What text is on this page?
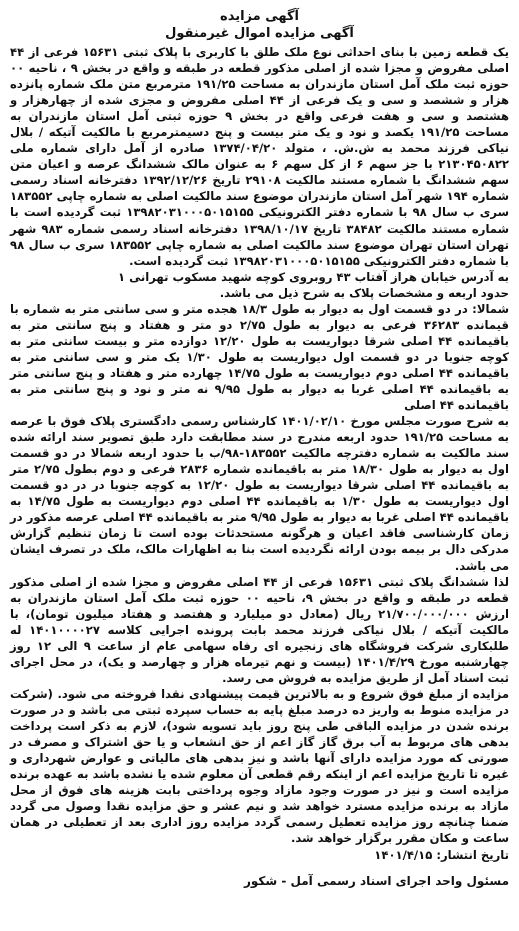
آگهی مزایده

آگهی مزایده اموال غیرمنقول

یک قطعه زمین با بنای احداثی نوع ملک طلق با کاربری با پلاک ثبتی ۱۵۶۳۱ فرعی از ۴۴ اصلی مفروض و مجزا شده از اصلی مذکور قطعه در طبقه و واقع در بخش ۹ ، ناحیه ۰۰ حوزه ثبت ملک آمل استان مازندران به مساحت ۱۹۱/۲۵ مترمربع متن ملک شماره پانزده هزار و ششصد و سی و یک فرعی از ۴۴ اصلی مفروض و مجزی شده از چهارهزار و هشتصد و سی و هفت فرعی واقع در بخش ۹ حوزه ثبتی آمل استان مازندران به مساحت ۱۹۱/۲۵ یکصد و نود و یک متر بیست و پنج دسیمترمربع با مالکیت آتیکه / بلال نیاکی فرزند محمد به ش.ش. ، متولد ۱۳۷۴/۰۴/۲۰ صادره از آمل دارای شماره ملی ۲۱۳۰۴۵۰۸۲۲ با جز سهم ۶ از کل سهم ۶ به عنوان مالک ششدانگ عرصه و اعیان متن سهم ششدانگ با شماره مستند مالکیت ۲۹۱۰۸ تاریخ ۱۳۹۲/۱۲/۲۶ دفترخانه اسناد رسمی شماره ۱۹۴ شهر آمل استان مازندران موضوع سند مالکیت اصلی به شماره چاپی ۱۸۳۵۵۲ سری ب سال ۹۸ با شماره دفتر الکترونیکی ۱۳۹۸۲۰۳۱۰۰۰۵۰۱۵۱۵۵ ثبت گردیده است با شماره مستند مالکیت ۳۸۴۸۲ تاریخ ۱۳۹۸/۱۰/۱۷ دفترخانه اسناد رسمی شماره ۹۸۳ شهر تهران استان تهران موضوع سند مالکیت اصلی به شماره چاپی ۱۸۳۵۵۲ سری ب سال ۹۸ با شماره دفتر الکترونیکی ۱۳۹۸۲۰۳۱۰۰۰۵۰۱۵۱۵۵ ثبت گردیده است.

به آدرس خیابان هراز آفتاب ۴۳ روبروی کوچه شهید مسکوب تهرانی ۱

حدود اربعه و مشخصات پلاک به شرح ذیل می باشد.

شمالا: در دو قسمت اول به دیوار به طول ۱۸/۳ هجده متر و سی سانتی متر به شماره با قیمانده ۳۶۲۸۳ فرعی به دیوار به طول ۲/۷۵ دو متر و هفتاد و پنج سانتی متر به باقیمانده ۴۴ اصلی شرقا دیواریست به طول ۱۲/۲۰ دوازده متر و بیست سانتی متر به کوچه جنوبا در دو قسمت اول دیواریست به طول ۱/۳۰ یک متر و سی سانتی متر به باقیمانده ۴۴ اصلی دوم دیواریست به طول ۱۴/۷۵ چهارده متر و هفتاد و پنج سانتی متر به باقیمانده ۴۴ اصلی غربا به دیوار به طول ۹/۹۵ نه متر و نود و پنج سانتی متر به باقیمانده ۴۴ اصلی

به شرح صورت مجلس مورخ ۱۴۰۱/۰۲/۱۰ کارشناس رسمی دادگستری پلاک فوق با عرصه به مساحت ۱۹۱/۲۵ حدود اربعه مندرج در سند مطابقت دارد طبق تصویر سند ارائه شده سند مالکیت به شماره دفترچه مالکیت ۱۸۳۵۵۲-۹۸/ب با حدود اربعه شمالا در دو قسمت اول به دیوار به طول ۱۸/۳۰ متر به باقیمانده شماره ۲۸۳۶ فرعی و دوم بطول ۲/۷۵ متر به باقیمانده ۴۴ اصلی شرقا دیواریست به طول ۱۲/۲۰ به کوچه جنوبا در در دو قسمت اول دیواریست به طول ۱/۳۰ به باقیمانده ۴۴ اصلی دوم دیواریست به طول ۱۴/۷۵ به باقیمانده ۴۴ اصلی غربا به دیوار به طول ۹/۹۵ متر به باقیمانده ۴۴ اصلی عرصه مذکور در زمان کارشناسی فاقد اعیان و هرگونه مستحدثات بوده است تا زمان تنظیم گزارش مدرکی دال بر بیمه بودن ارائه نگردیده است بنا به اظهارات مالک، ملک در تصرف ایشان می باشد.

لذا ششدانگ پلاک ثبتی ۱۵۶۳۱ فرعی از ۴۴ اصلی مفروض و مجزا شده از اصلی مذکور قطعه در طبقه و واقع در بخش ۹، ناحیه ۰۰ حوزه ثبت ملک آمل استان مازندران به ارزش ۲۱/۷۰۰/۰۰۰/۰۰۰ ریال (معادل دو میلیارد و هفتصد و هفتاد میلیون تومان)، با مالکیت آتیکه / بلال نیاکی فرزند محمد بابت پرونده اجرایی کلاسه ۱۴۰۱۰۰۰۰۲۷ له طلبکاری شرکت فروشگاه های زنجیره ای رفاه سهامی عام از ساعت ۹ الی ۱۲ روز چهارشنبه مورخ ۱۴۰۱/۴/۲۹ (بیست و نهم تیرماه هزار و چهارصد و یک)، در محل اجرای ثبت اسناد آمل از طریق مزایده به فروش می رسد.

مزایده از مبلغ فوق شروع و به بالاترین قیمت پیشنهادی نقدا فروخته می شود. (شرکت در مزایده منوط به واریز ده درصد مبلغ پایه به حساب سپرده ثبتی می باشد و در صورت برنده شدن در مزایده الباقی طی پنج روز باید تسویه شود)، لازم به ذکر است پرداخت بدهی های مربوط به آب برق گاز گاز اعم از حق انشعاب و یا حق اشتراک و مصرف در صورتی که مورد مزایده دارای آنها باشد و نیز بدهی های مالیاتی و عوارض شهرداری و غیره تا تاریخ مزایده اعم از اینکه رقم قطعی آن معلوم شده یا نشده باشد به عهده برنده مزایده است و نیز در صورت وجود مازاد وجوه پرداختی بابت هزینه های فوق از محل مازاد به برنده مزایده مسترد خواهد شد و نیم عشر و حق مزایده نقدا وصول می گردد ضمنا چنانچه روز مزایده تعطیل رسمی گردد مزایده روز اداری بعد از تعطیلی در همان ساعت و مکان مقرر برگزار خواهد شد.

تاریخ انتشار: ۱۴۰۱/۴/۱۵

مسئول واحد اجرای اسناد رسمی آمل - شکور
